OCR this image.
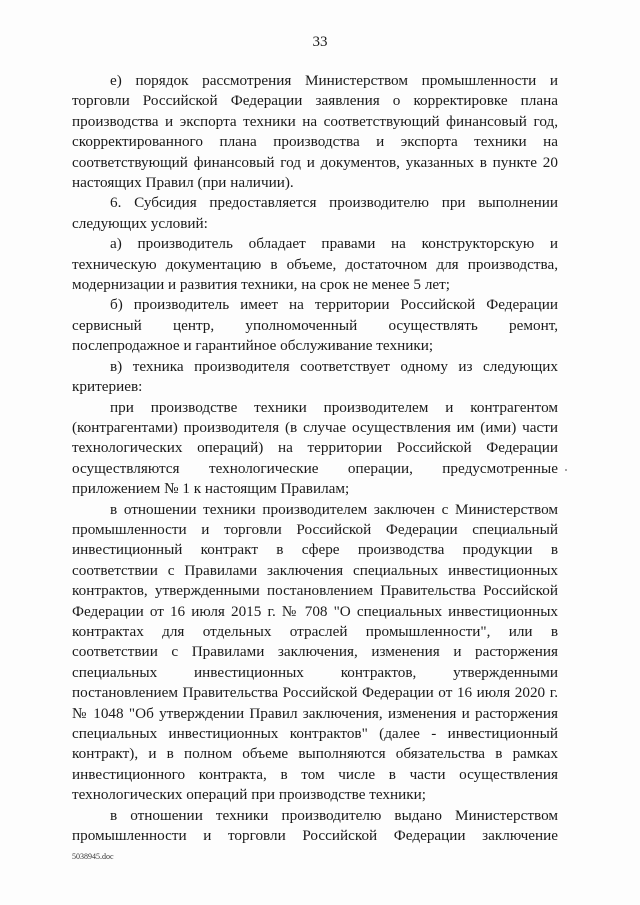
33

е) порядок рассмотрения Министерством промышленности и торговли Российской Федерации заявления о корректировке плана производства и экспорта техники на соответствующий финансовый год, скорректированного плана производства и экспорта техники на соответствующий финансовый год и документов, указанных в пункте 20 настоящих Правил (при наличии).

6. Субсидия предоставляется производителю при выполнении следующих условий:

а) производитель обладает правами на конструкторскую и техническую документацию в объеме, достаточном для производства, модернизации и развития техники, на срок не менее 5 лет;

б) производитель имеет на территории Российской Федерации сервисный центр, уполномоченный осуществлять ремонт, послепродажное и гарантийное обслуживание техники;

в) техника производителя соответствует одному из следующих критериев:

при производстве техники производителем и контрагентом (контрагентами) производителя (в случае осуществления им (ими) части технологических операций) на территории Российской Федерации осуществляются технологические операции, предусмотренные приложением № 1 к настоящим Правилам;

в отношении техники производителем заключен с Министерством промышленности и торговли Российской Федерации специальный инвестиционный контракт в сфере производства продукции в соответствии с Правилами заключения специальных инвестиционных контрактов, утвержденными постановлением Правительства Российской Федерации от 16 июля 2015 г. № 708 "О специальных инвестиционных контрактах для отдельных отраслей промышленности", или в соответствии с Правилами заключения, изменения и расторжения специальных инвестиционных контрактов, утвержденными постановлением Правительства Российской Федерации от 16 июля 2020 г. № 1048 "Об утверждении Правил заключения, изменения и расторжения специальных инвестиционных контрактов" (далее - инвестиционный контракт), и в полном объеме выполняются обязательства в рамках инвестиционного контракта, в том числе в части осуществления технологических операций при производстве техники;

в отношении техники производителю выдано Министерством промышленности и торговли Российской Федерации заключение

5038945.doc
